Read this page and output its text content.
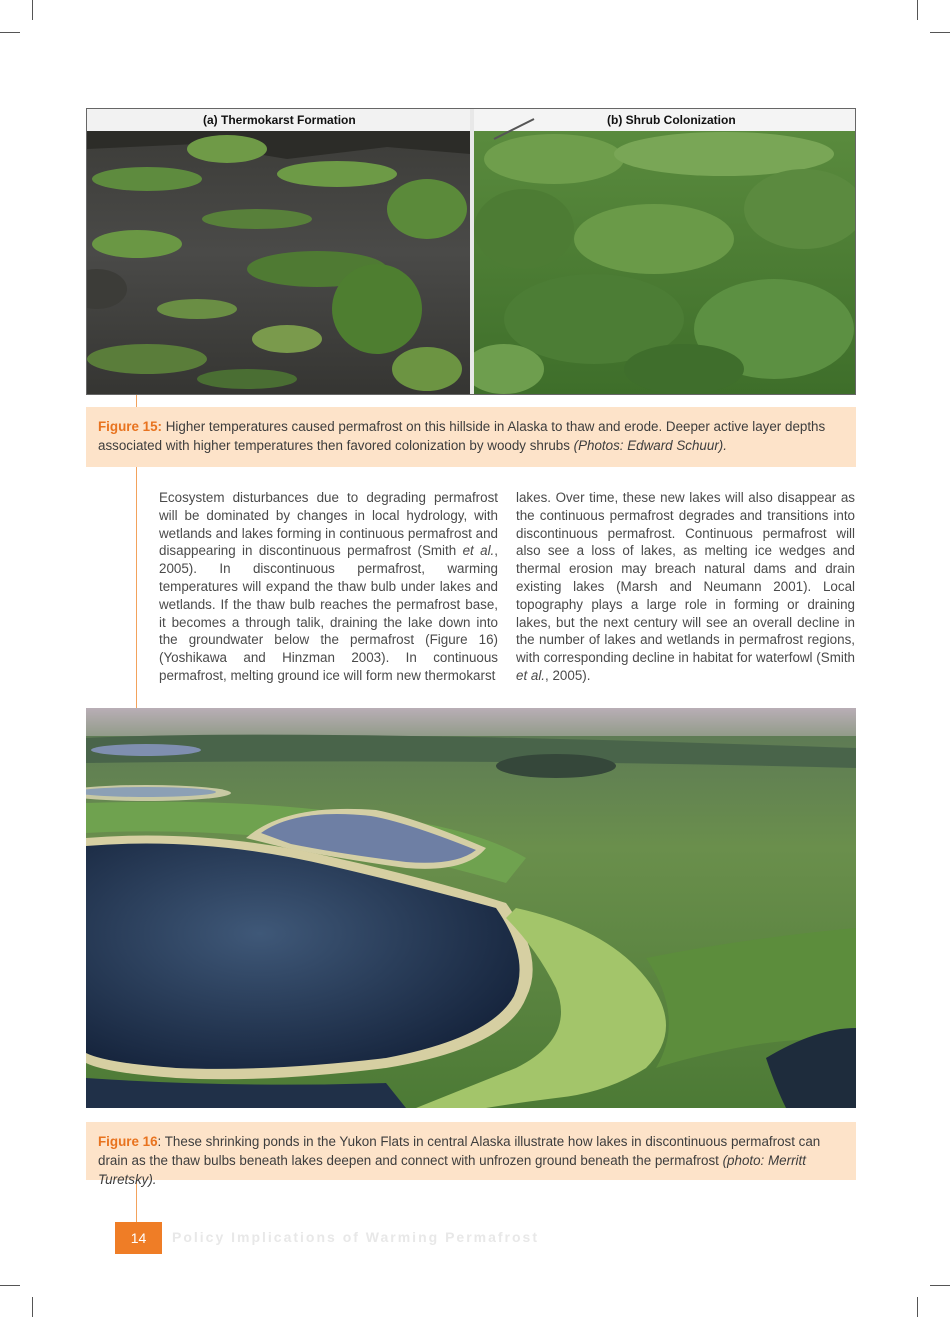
(a) Thermokarst Formation	(b) Shrub Colonization
Figure 15: Higher temperatures caused permafrost on this hillside in Alaska to thaw and erode. Deeper active layer depths associated with higher temperatures then favored colonization by woody shrubs (Photos: Edward Schuur).

Ecosystem disturbances due to degrading permafrost will be dominated by changes in local hydrology, with wetlands and lakes forming in continuous permafrost and disappearing in discontinuous permafrost (Smith et al., 2005). In discontinuous permafrost, warming temperatures will expand the thaw bulb under lakes and wetlands. If the thaw bulb reaches the permafrost base, it becomes a through talik, draining the lake down into the groundwater below the permafrost (Figure 16) (Yoshikawa and Hinzman 2003). In continuous permafrost, melting ground ice will form new thermokarst

lakes. Over time, these new lakes will also disappear as the continuous permafrost degrades and transitions into discontinuous permafrost. Continuous permafrost will also see a loss of lakes, as melting ice wedges and thermal erosion may breach natural dams and drain existing lakes (Marsh and Neumann 2001). Local topography plays a large role in forming or draining lakes, but the next century will see an overall decline in the number of lakes and wetlands in permafrost regions, with corresponding decline in habitat for waterfowl (Smith et al., 2005).

Figure 16: These shrinking ponds in the Yukon Flats in central Alaska illustrate how lakes in discontinuous permafrost can drain as the thaw bulbs beneath lakes deepen and connect with unfrozen ground beneath the permafrost (photo: Merritt Turetsky).
14	Policy Implications of Warming Permafrost
